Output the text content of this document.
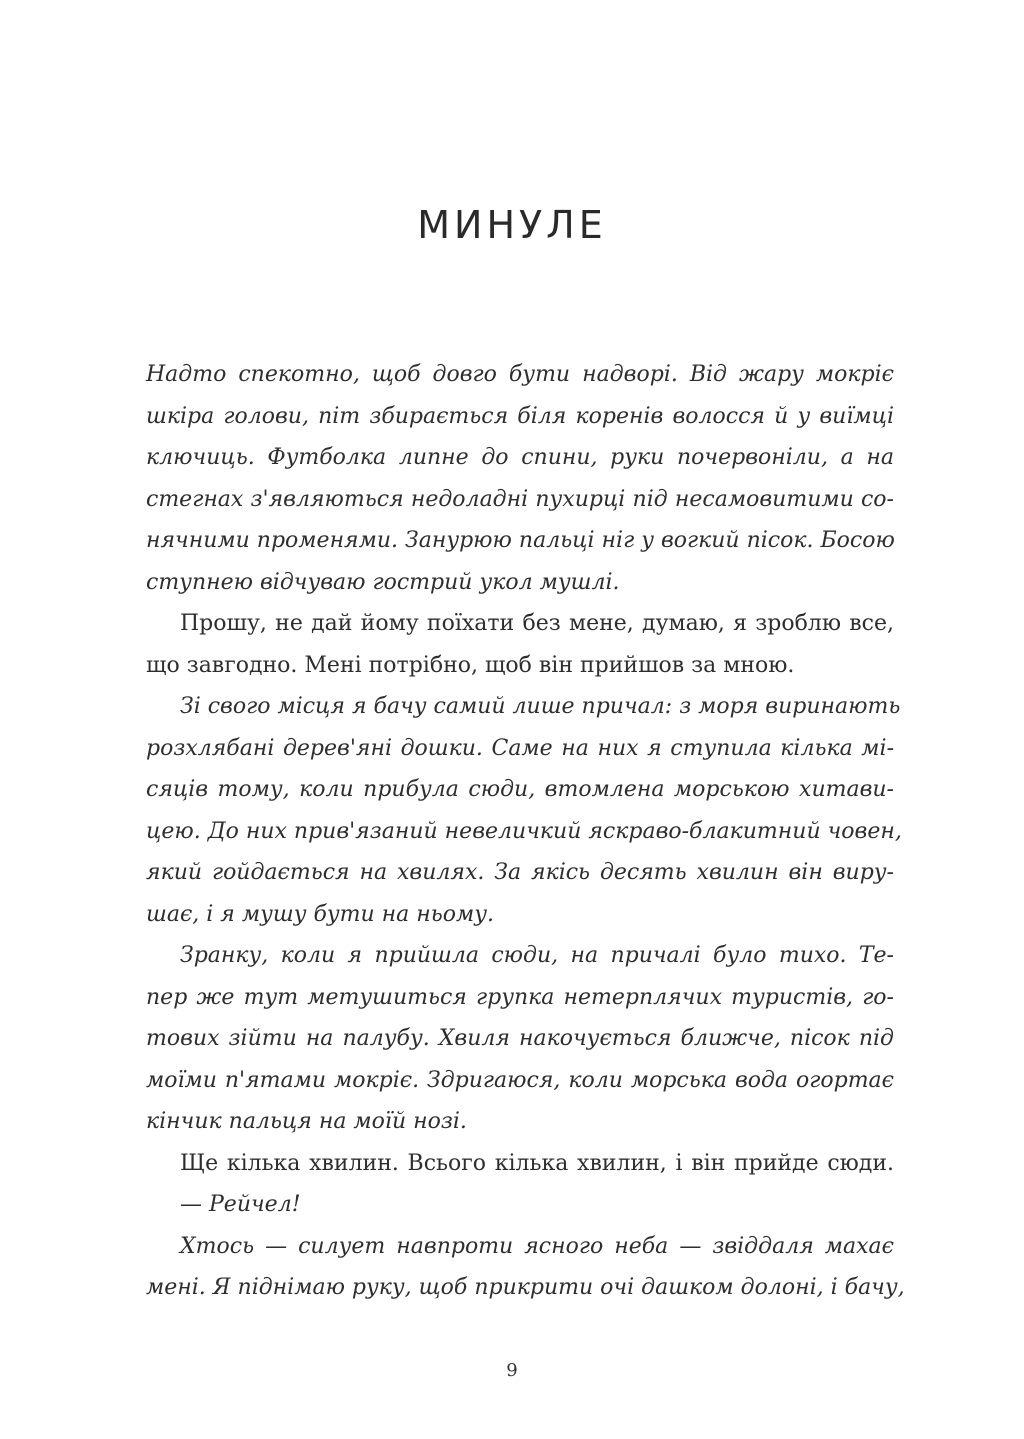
МИНУЛЕ
Надто спекотно, щоб довго бути надворі. Від жару мокріє
шкіра голови, піт збирається біля коренів волосся й у виїмці
ключиць. Футболка липне до спини, руки почервоніли, а на
стегнах з'являються недоладні пухирці під несамовитими со-
нячними променями. Занурюю пальці ніг у вогкий пісок. Босою
ступнею відчуваю гострий укол мушлі.
Прошу, не дай йому поїхати без мене, думаю, я зроблю все,
що завгодно. Мені потрібно, щоб він прийшов за мною.
Зі свого місця я бачу самий лише причал: з моря виринають
розхлябані дерев'яні дошки. Саме на них я ступила кілька мі-
сяців тому, коли прибула сюди, втомлена морською хитави-
цею. До них прив'язаний невеличкий яскраво-блакитний човен,
який гойдається на хвилях. За якісь десять хвилин він виру-
шає, і я мушу бути на ньому.
Зранку, коли я прийшла сюди, на причалі було тихо. Те-
пер же тут метушиться групка нетерплячих туристів, го-
тових зійти на палубу. Хвиля накочується ближче, пісок під
моїми п'ятами мокріє. Здригаюся, коли морська вода огортає
кінчик пальця на моїй нозі.
Ще кілька хвилин. Всього кілька хвилин, і він прийде сюди.
— Рейчел!
Хтось — силует навпроти ясного неба — звіддаля махає
мені. Я піднімаю руку, щоб прикрити очі дашком долоні, і бачу,
9
